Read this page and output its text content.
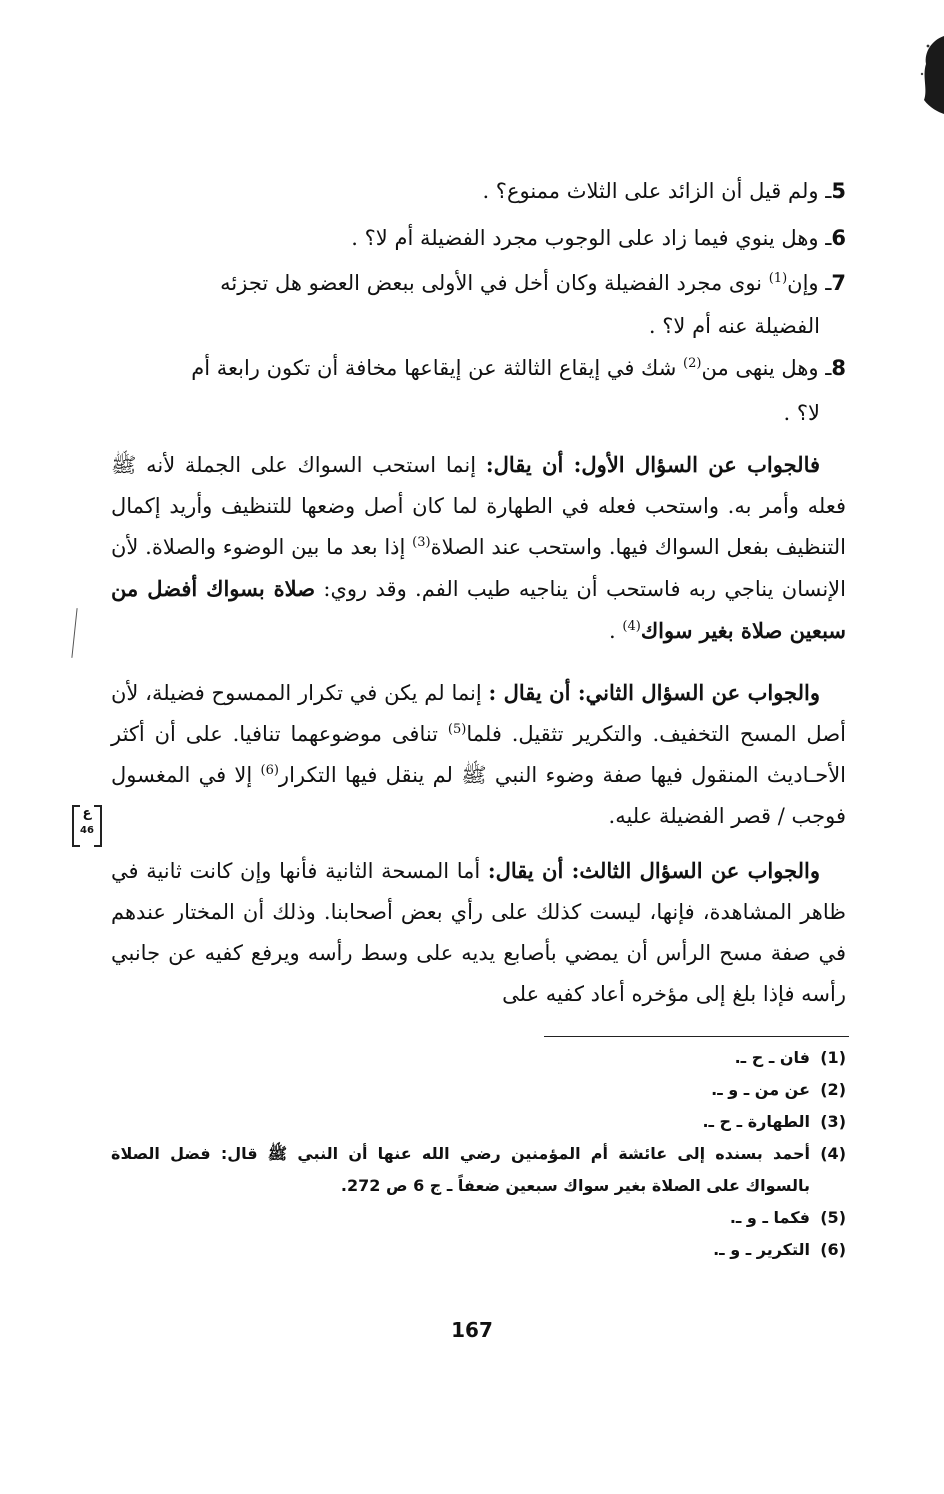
5ـ ولم قيل أن الزائد على الثلاث ممنوع؟ .
6ـ وهل ينوي فيما زاد على الوجوب مجرد الفضيلة أم لا؟ .
7ـ وإن$^{(1)}$ نوى مجرد الفضيلة وكان أخل في الأولى ببعض العضو هل تجزئه
الفضيلة عنه أم لا؟ .
8ـ وهل ينهى من$^{(2)}$ شك في إيقاع الثالثة عن إيقاعها مخافة أن تكون رابعة أم
لا؟ .
فالجواب عن السؤال الأول: أن يقال: إنما استحب السواك على الجملة لأنه ﷺ فعله وأمر به. واستحب فعله في الطهارة لما كان أصل وضعها للتنظيف وأريد إكمال التنظيف بفعل السواك فيها. واستحب عند الصلاة$^{(3)}$ إذا بعد ما بين الوضوء والصلاة. لأن الإنسان يناجي ربه فاستحب أن يناجيه طيب الفم. وقد روي: صلاة بسواك أفضل من سبعين صلاة بغير سواك$^{(4)}$ .
والجواب عن السؤال الثاني: أن يقال : إنما لم يكن في تكرار الممسوح فضيلة، لأن أصل المسح التخفيف. والتكرير تثقيل. فلما$^{(5)}$ تنافى موضوعهما تنافيا. على أن أكثر الأحـاديث المنقول فيها صفة وضوء النبي ﷺ لم ينقل فيها التكرار$^{(6)}$ إلا في المغسول فوجب / قصر الفضيلة عليه.
ع
46
والجواب عن السؤال الثالث: أن يقال: أما المسحة الثانية فأنها وإن كانت ثانية في ظاهر المشاهدة، فإنها، ليست كذلك على رأي بعض أصحابنا. وذلك أن المختار عندهم في صفة مسح الرأس أن يمضي بأصابع يديه على وسط رأسه ويرفع كفيه عن جانبي رأسه فإذا بلغ إلى مؤخره أعاد كفيه على
(1)
فان ـ ح ـ.
(2)
عن من ـ و ـ.
(3)
الطهارة ـ ح ـ.
(4)
أحمد بسنده إلى عائشة أم المؤمنين رضي الله عنها أن النبي ﷺ قال: فضل الصلاة بالسواك على الصلاة بغير سواك سبعين ضعفاً ـ ج 6 ص 272.
(5)
فكما ـ و ـ.
(6)
التكرير ـ و ـ.
167
